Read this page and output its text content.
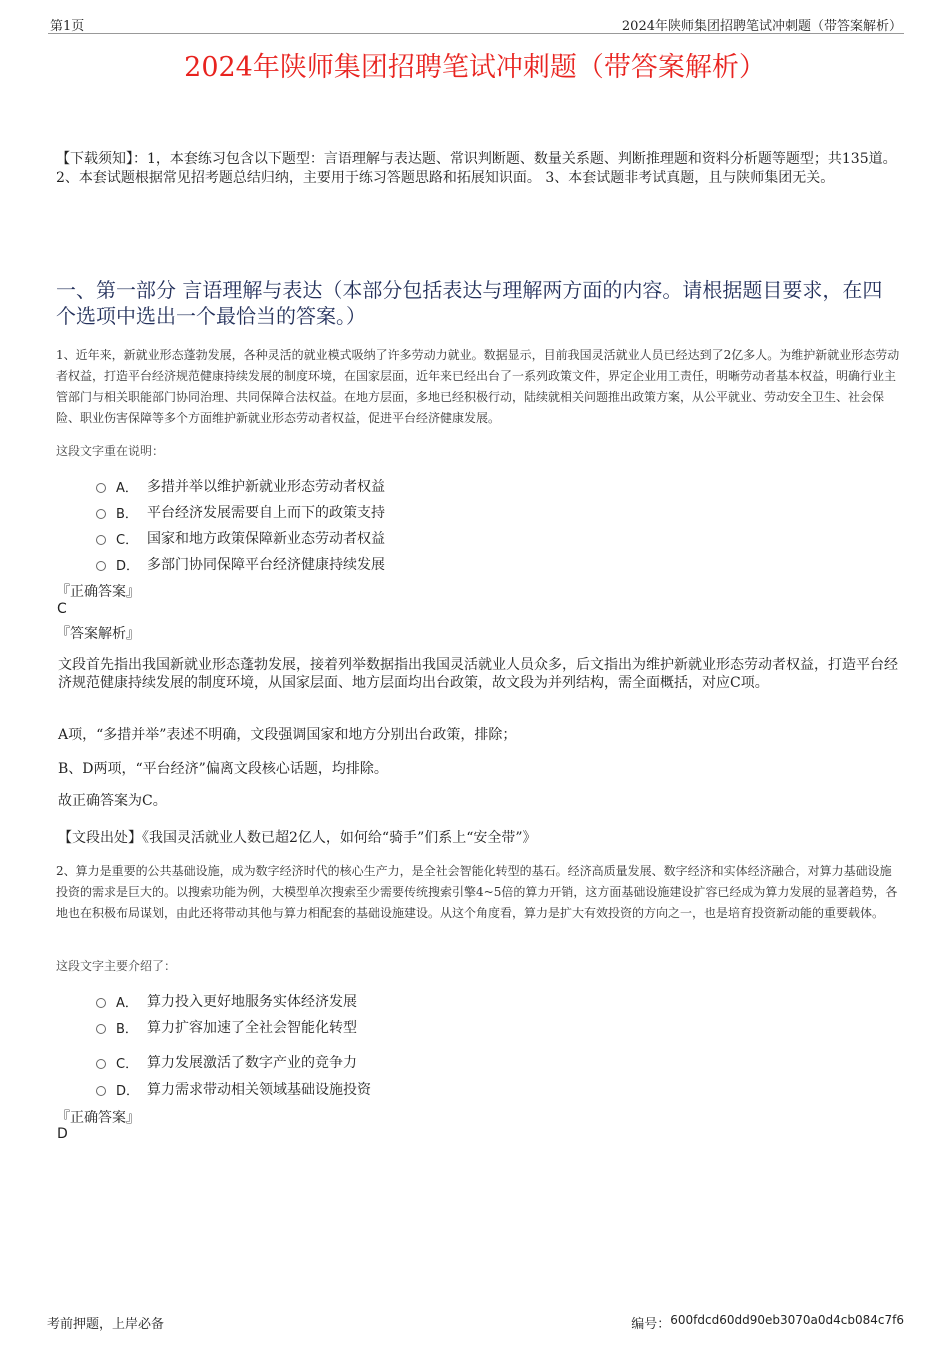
第1页	2024年陕师集团招聘笔试冲刺题（带答案解析）
2024年陕师集团招聘笔试冲刺题（带答案解析）
【下载须知】：1，本套练习包含以下题型：言语理解与表达题、常识判断题、数量关系题、判断推理题和资料分析题等题型；共135道。 2、本套试题根据常见招考题总结归纳，主要用于练习答题思路和拓展知识面。 3、本套试题非考试真题，且与陕师集团无关。
一、第一部分 言语理解与表达（本部分包括表达与理解两方面的内容。请根据题目要求，在四个选项中选出一个最恰当的答案。）
1、近年来，新就业形态蓬勃发展，各种灵活的就业模式吸纳了许多劳动力就业。数据显示，目前我国灵活就业人员已经达到了2亿多人。为维护新就业形态劳动者权益，打造平台经济规范健康持续发展的制度环境，在国家层面，近年来已经出台了一系列政策文件，界定企业用工责任，明晰劳动者基本权益，明确行业主管部门与相关职能部门协同治理、共同保障合法权益。在地方层面，多地已经积极行动，陆续就相关问题推出政策方案，从公平就业、劳动安全卫生、社会保险、职业伤害保障等多个方面维护新就业形态劳动者权益，促进平台经济健康发展。
这段文字重在说明：
A． 多措并举以维护新就业形态劳动者权益
B． 平台经济发展需要自上而下的政策支持
C． 国家和地方政策保障新业态劳动者权益
D． 多部门协同保障平台经济健康持续发展
『正确答案』
C
『答案解析』
文段首先指出我国新就业形态蓬勃发展，接着列举数据指出我国灵活就业人员众多，后文指出为维护新就业形态劳动者权益，打造平台经济规范健康持续发展的制度环境，从国家层面、地方层面均出台政策，故文段为并列结构，需全面概括，对应C项。
A项，“多措并举”表述不明确，文段强调国家和地方分别出台政策，排除；
B、D两项，“平台经济”偏离文段核心话题，均排除。
故正确答案为C。
【文段出处】《我国灵活就业人数已超2亿人，如何给“骑手”们系上“安全带”》
2、算力是重要的公共基础设施，成为数字经济时代的核心生产力，是全社会智能化转型的基石。经济高质量发展、数字经济和实体经济融合，对算力基础设施投资的需求是巨大的。以搜索功能为例，大模型单次搜索至少需要传统搜索引擎4~5倍的算力开销，这方面基础设施建设扩容已经成为算力发展的显著趋势，各地也在积极布局谋划，由此还将带动其他与算力相配套的基础设施建设。从这个角度看，算力是扩大有效投资的方向之一，也是培育投资新动能的重要载体。
这段文字主要介绍了：
A． 算力投入更好地服务实体经济发展
B． 算力扩容加速了全社会智能化转型
C． 算力发展激活了数字产业的竞争力
D． 算力需求带动相关领域基础设施投资
『正确答案』
D
考前押题，上岸必备	编号： 600fdcd60dd90eb3070a0d4cb084c7f6
